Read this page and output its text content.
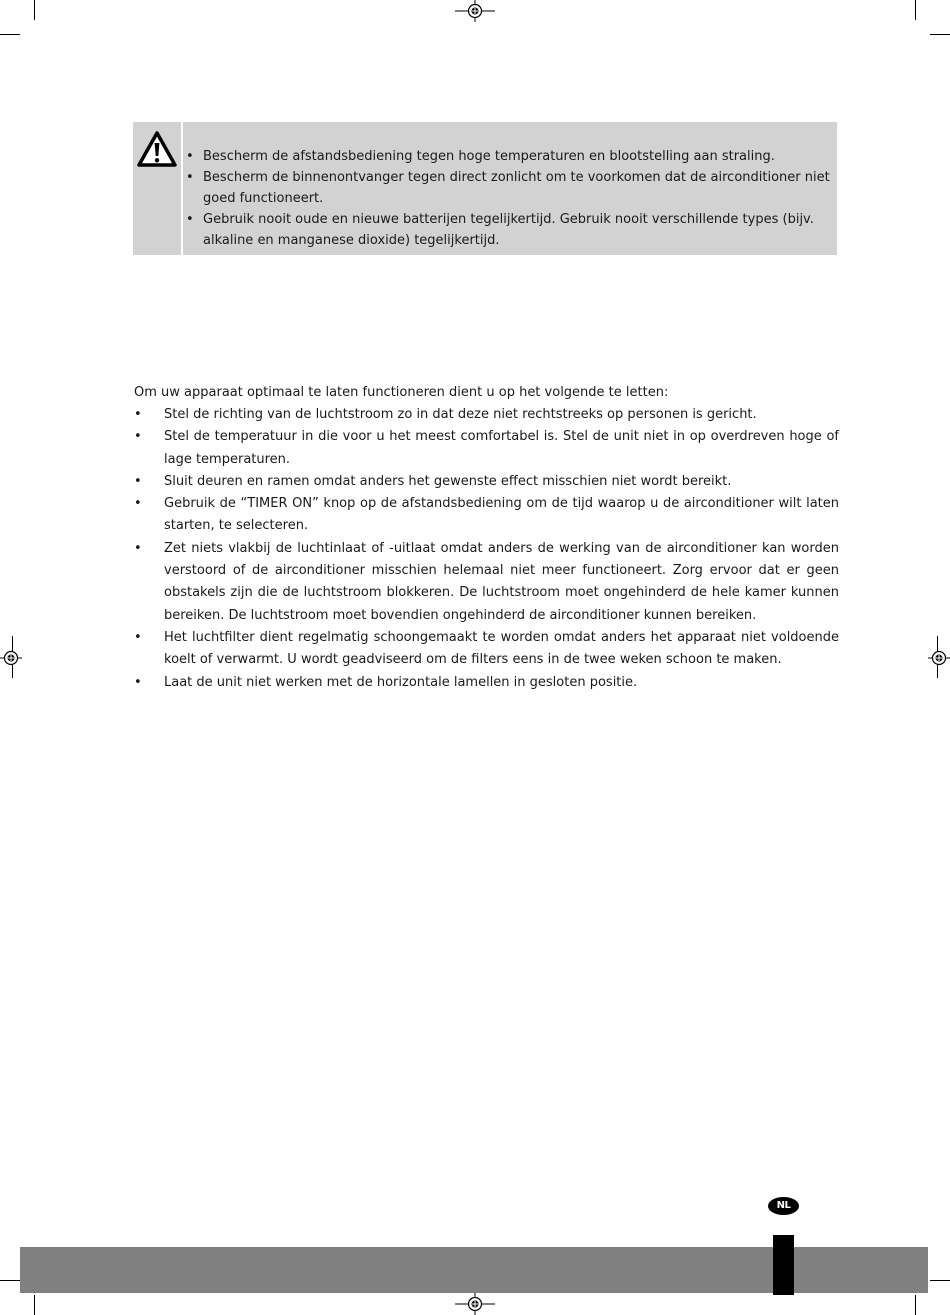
• Bescherm de afstandsbediening tegen hoge temperaturen en blootstelling aan straling.
• Bescherm de binnenontvanger tegen direct zonlicht om te voorkomen dat de airconditioner niet goed functioneert.
• Gebruik nooit oude en nieuwe batterijen tegelijkertijd. Gebruik nooit verschillende types (bijv. alkaline en manganese dioxide) tegelijkertijd.

Om uw apparaat optimaal te laten functioneren dient u op het volgende te letten:

• Stel de richting van de luchtstroom zo in dat deze niet rechtstreeks op personen is gericht.
• Stel de temperatuur in die voor u het meest comfortabel is. Stel de unit niet in op overdreven hoge of lage temperaturen.
• Sluit deuren en ramen omdat anders het gewenste effect misschien niet wordt bereikt.
• Gebruik de “TIMER ON” knop op de afstandsbediening om de tijd waarop u de airconditioner wilt laten starten, te selecteren.
• Zet niets vlakbij de luchtinlaat of -uitlaat omdat anders de werking van de airconditioner kan worden verstoord of de airconditioner misschien helemaal niet meer functioneert. Zorg ervoor dat er geen obstakels zijn die de luchtstroom blokkeren. De luchtstroom moet ongehinderd de hele kamer kunnen bereiken. De luchtstroom moet bovendien ongehinderd de airconditioner kunnen bereiken.
• Het luchtfilter dient regelmatig schoongemaakt te worden omdat anders het apparaat niet voldoende koelt of verwarmt. U wordt geadviseerd om de filters eens in de twee weken schoon te maken.
• Laat de unit niet werken met de horizontale lamellen in gesloten positie.
NL
